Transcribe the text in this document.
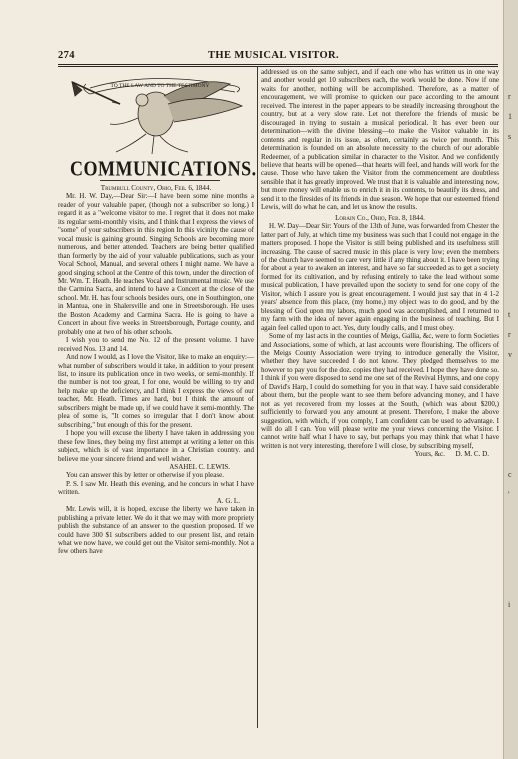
r
1
s
t
r
v
c
'
i
274	THE MUSICAL VISITOR.
TO THE LAW AND TO THE TESTIMONY
COMMUNICATIONS.

Trumbull County, Ohio, Feb. 6, 1844.

Mr. H. W. Day,—Dear Sir:—I have been some nine months a reader of your valuable paper, (though not a subscriber so long.) I regard it as a "welcome visitor to me. I regret that it does not make its regular semi-monthly visits, and I think that I express the views of "some" of your subscribers in this region In this vicinity the cause of vocal music is gaining ground. Singing Schools are becoming more numerous, and better attended. Teachers are being better qualified than formerly by the aid of your valuable publications, such as your Vocal School, Manual, and several others I might name. We have a good singing school at the Centre of this town, under the direction of Mr. Wm. T. Heath. He teaches Vocal and Instrumental music. We use the Carmina Sacra, and intend to have a Concert at the close of the school. Mr. H. has four schools besides ours, one in Southington, one in Mantua, one in Shalersville and one in Streetsborough. He uses the Boston Academy and Carmina Sacra. He is going to have a Concert in about five weeks in Streetsborough, Portage county, and probably one at two of his other schools.

I wish you to send me No. 12 of the present volume. I have received Nos. 13 and 14.

And now I would, as I love the Visitor, like to make an enquiry:—what number of subscribers would it take, in addition to your present list, to insure its publication once in two weeks, or semi-monthly. If the number is not too great, I for one, would be willing to try and help make up the deficiency, and I think I express the views of our teacher, Mr. Heath. Times are hard, but I think the amount of subscribers might be made up, if we could have it semi-monthly. The plea of some is, "It comes so irregular that I don't know about subscribing," but enough of this for the present.

I hope you will excuse the liberty I have taken in addressing you these few lines, they being my first attempt at writing a letter on this subject, which is of vast importance in a Christian country. and believe me your sincere friend and well wisher.

ASAHEL C. LEWIS.

You can answer this by letter or otherwise if you please.

P. S. I saw Mr. Heath this evening, and he concurs in what I have written.

A. G. L.

Mr. Lewis will, it is hoped, excuse the liberty we have taken in publishing a private letter. We do it that we may with more propriety publish the substance of an answer to the question proposed. If we could have 300 $1 subscribers added to our present list, and retain what we now have, we could get out the Visitor semi-monthly. Not a few others have

addressed us on the same subject, and if each one who has written us in one way and another would get 10 subscribers each, the work would be done. Now if one waits for another, nothing will be accomplished. Therefore, as a matter of encouragement, we will promise to quicken our pace according to the amount received. The interest in the paper appears to be steadily increasing throughout the country, but at a very slow rate. Let not therefore the friends of music be discouraged in trying to sustain a musical periodical. It has ever been our determination—with the divine blessing—to make the Visitor valuable in its contents and regular in its issue, as often, certainly as twice per month. This determination is founded on an absolute necessity to the church of our adorable Redeemer, of a publication similar in character to the Visitor. And we confidently believe that hearts will be opened—that hearts will feel, and hands will work for the cause. Those who have taken the Visitor from the commencement are doubtless sensible that it has greatly improved. We trust that it is valuable and interesting now, but more money will enable us to enrich it in its contents, to beautify its dress, and send it to the firesides of its friends in due season. We hope that our esteemed friend Lewis, will do what he can, and let us know the results.

Lorain Co., Ohio, Feb. 8, 1844.

H. W. Day—Dear Sir: Yours of the 13th of June, was forwarded from Chester the latter part of July, at which time my business was such that I could not engage in the matters proposed. I hope the Visitor is still being published and its usefulness still increasing. The cause of sacred music in this place is very low; even the members of the church have seemed to care very little if any thing about it. I have been trying for about a year to awaken an interest, and have so far succeeded as to get a society formed for its cultivation, and by refusing entirely to take the lead without some musical publication, I have prevailed upon the society to send for one copy of the Visitor, which I assure you is great encouragement. I would just say that in 4 1-2 years' absence from this place, (my home,) my object was to do good, and by the blessing of God upon my labors, much good was accomplished, and I returned to my farm with the idea of never again engaging in the business of teaching. But I again feel called upon to act. Yes, duty loudly calls, and I must obey.

Some of my last acts in the counties of Meigs, Gallia, &c, were to form Societies and Associations, some of which, at last accounts were flourishing. The officers of the Meigs County Association were trying to introduce generally the Visitor, whether they have succeeded I do not know. They pledged themselves to me however to pay you for the doz. copies they had received. I hope they have done so. I think if you were disposed to send me one set of the Revival Hymns, and one copy of David's Harp, I could do something for you in that way. I have said considerable about them, but the people want to see them before advancing money, and I have not as yet recovered from my losses at the South, (which was about $200,) sufficiently to forward you any amount at present. Therefore, I make the above suggestion, with which, if you comply, I am confident can be used to advantage. I will do all I can. You will please write me your views concerning the Visitor. I cannot write half what I have to say, but perhaps you may think that what I have written is not very interesting, therefore I will close, by subscribing myself,

Yours, &c. D. M. C. D.
